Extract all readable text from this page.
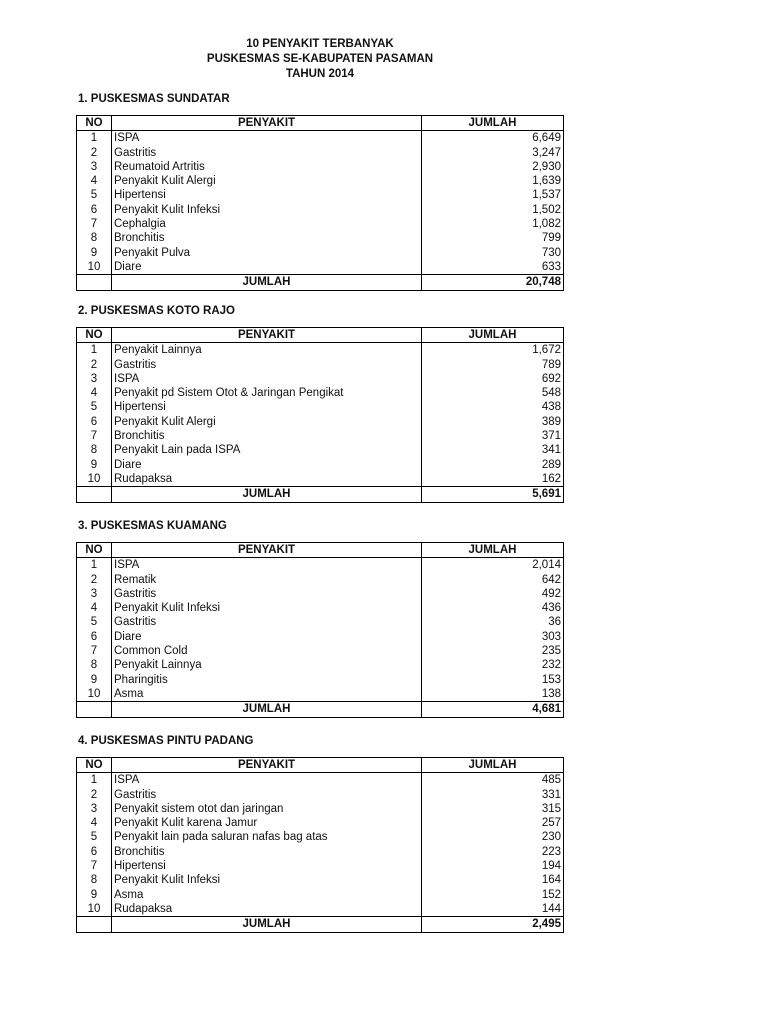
10 PENYAKIT TERBANYAK
PUSKESMAS SE-KABUPATEN PASAMAN
TAHUN 2014
1. PUSKESMAS SUNDATAR
NO	PENYAKIT	JUMLAH
1	ISPA	6,649
2	Gastritis	3,247
3	Reumatoid Artritis	2,930
4	Penyakit Kulit Alergi	1,639
5	Hipertensi	1,537
6	Penyakit Kulit Infeksi	1,502
7	Cephalgia	1,082
8	Bronchitis	799
9	Penyakit Pulva	730
10	Diare	633
	JUMLAH	20,748
2. PUSKESMAS KOTO RAJO
NO	PENYAKIT	JUMLAH
1	Penyakit Lainnya	1,672
2	Gastritis	789
3	ISPA	692
4	Penyakit pd Sistem Otot & Jaringan Pengikat	548
5	Hipertensi	438
6	Penyakit Kulit Alergi	389
7	Bronchitis	371
8	Penyakit Lain pada ISPA	341
9	Diare	289
10	Rudapaksa	162
	JUMLAH	5,691
3. PUSKESMAS KUAMANG
NO	PENYAKIT	JUMLAH
1	ISPA	2,014
2	Rematik	642
3	Gastritis	492
4	Penyakit Kulit Infeksi	436
5	Gastritis	36
6	Diare	303
7	Common Cold	235
8	Penyakit Lainnya	232
9	Pharingitis	153
10	Asma	138
	JUMLAH	4,681
4. PUSKESMAS PINTU PADANG
NO	PENYAKIT	JUMLAH
1	ISPA	485
2	Gastritis	331
3	Penyakit sistem otot dan jaringan	315
4	Penyakit Kulit karena Jamur	257
5	Penyakit lain pada saluran nafas bag atas	230
6	Bronchitis	223
7	Hipertensi	194
8	Penyakit Kulit Infeksi	164
9	Asma	152
10	Rudapaksa	144
	JUMLAH	2,495
